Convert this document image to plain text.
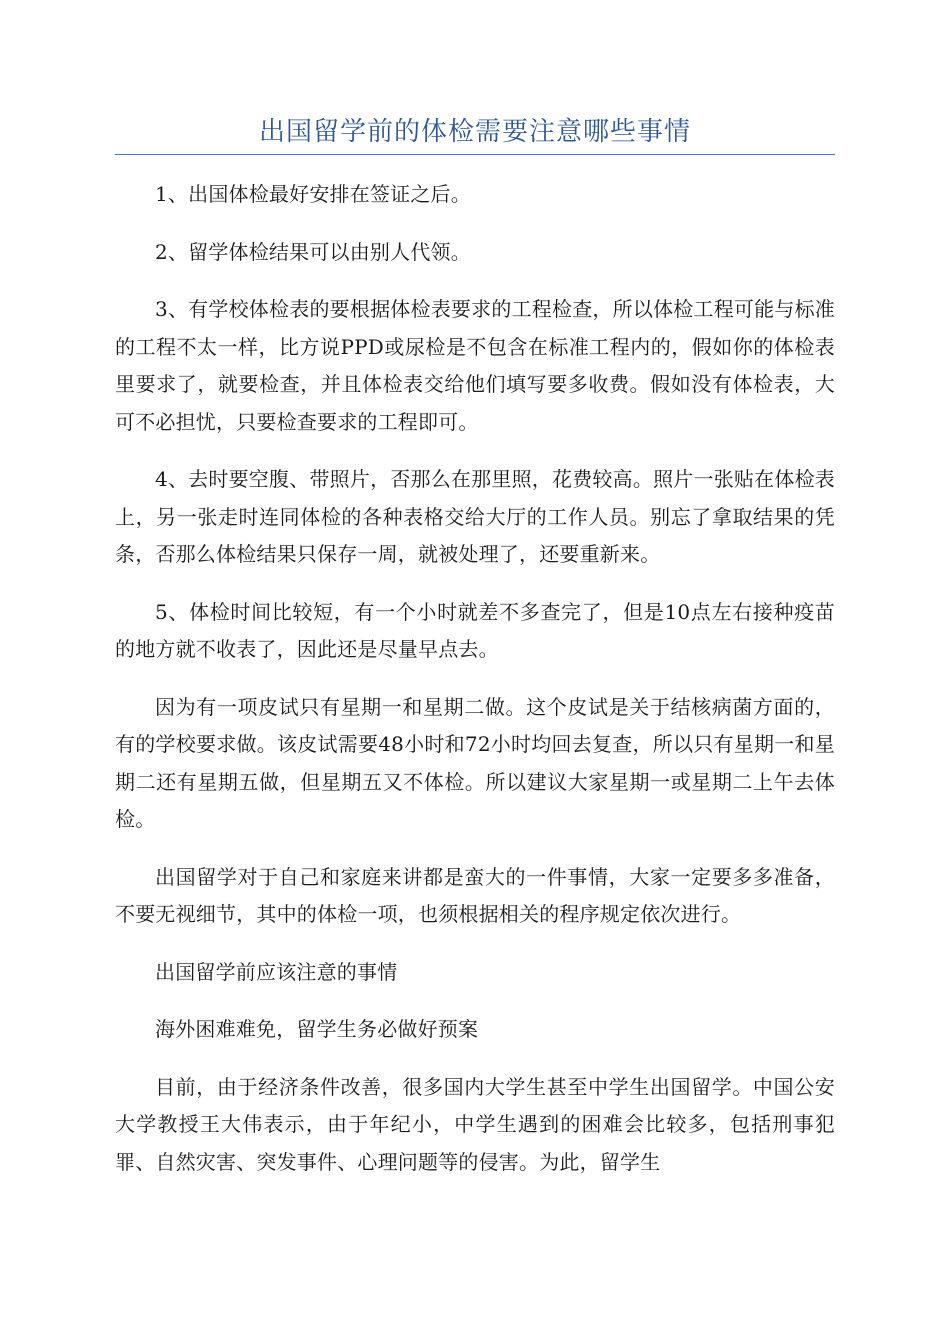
出国留学前的体检需要注意哪些事情

1、出国体检最好安排在签证之后。

2、留学体检结果可以由别人代领。

3、有学校体检表的要根据体检表要求的工程检查，所以体检工程可能与标准的工程不太一样，比方说PPD或尿检是不包含在标准工程内的，假如你的体检表里要求了，就要检查，并且体检表交给他们填写要多收费。假如没有体检表，大可不必担忧，只要检查要求的工程即可。

4、去时要空腹、带照片，否那么在那里照，花费较高。照片一张贴在体检表上，另一张走时连同体检的各种表格交给大厅的工作人员。别忘了拿取结果的凭条，否那么体检结果只保存一周，就被处理了，还要重新来。

5、体检时间比较短，有一个小时就差不多查完了，但是10点左右接种疫苗的地方就不收表了，因此还是尽量早点去。

因为有一项皮试只有星期一和星期二做。这个皮试是关于结核病菌方面的，有的学校要求做。该皮试需要48小时和72小时均回去复查，所以只有星期一和星期二还有星期五做，但星期五又不体检。所以建议大家星期一或星期二上午去体检。

出国留学对于自己和家庭来讲都是蛮大的一件事情，大家一定要多多准备，不要无视细节，其中的体检一项，也须根据相关的程序规定依次进行。

出国留学前应该注意的事情

海外困难难免，留学生务必做好预案

目前，由于经济条件改善，很多国内大学生甚至中学生出国留学。中国公安大学教授王大伟表示，由于年纪小，中学生遇到的困难会比较多，包括刑事犯罪、自然灾害、突发事件、心理问题等的侵害。为此，留学生
